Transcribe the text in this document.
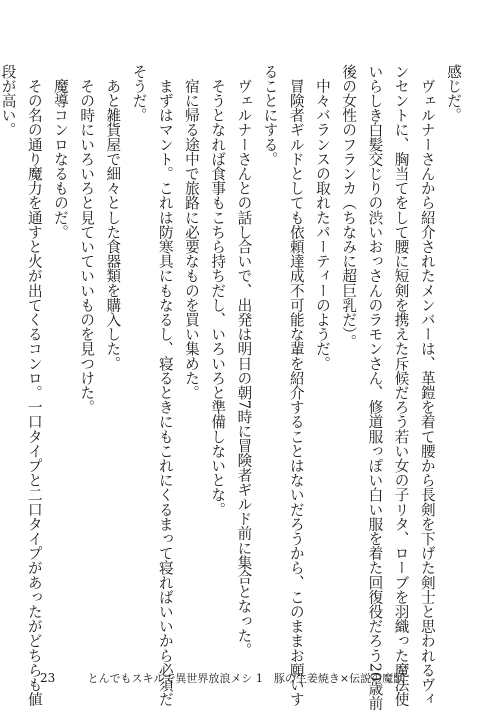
感じだ。

　ヴェルナーさんから紹介されたメンバーは、革鎧を着て腰から長剣を下げた剣士と思われるヴィ

ンセントに、胸当てをして腰に短剣を携えた斥候だろう若い女の子リタ、ローブを羽織った魔法使

いらしき白髪交じりの渋いおっさんのラモンさん、修道服っぽい白い服を着た回復役だろう20歳前

後の女性のフランカ（ちなみに超巨乳だ）。

　中々バランスの取れたパーティーのようだ。

　冒険者ギルドとしても依頼達成不可能な輩を紹介することはないだろうから、このままお願いす

ることにする。

　ヴェルナーさんとの話し合いで、出発は明日の朝7時に冒険者ギルド前に集合となった。

　そうとなれば食事もこちら持ちだし、いろいろと準備しないとな。

　宿に帰る途中で旅路に必要なものを買い集めた。

　まずはマント。これは防寒具にもなるし、寝るときにもこれにくるまって寝ればいいから必須だ

そうだ。

　あと雑貨屋で細々とした食器類を購入した。

　その時にいろいろと見ていていいものを見つけた。

　魔導コンロなるものだ。

　その名の通り魔力を通すと火が出てくるコンロ。一口タイプと二口タイプがあったがどちらも値

段が高い。

23	とんでもスキルで異世界放浪メシ 1　豚の生姜焼き×伝説の魔獣
